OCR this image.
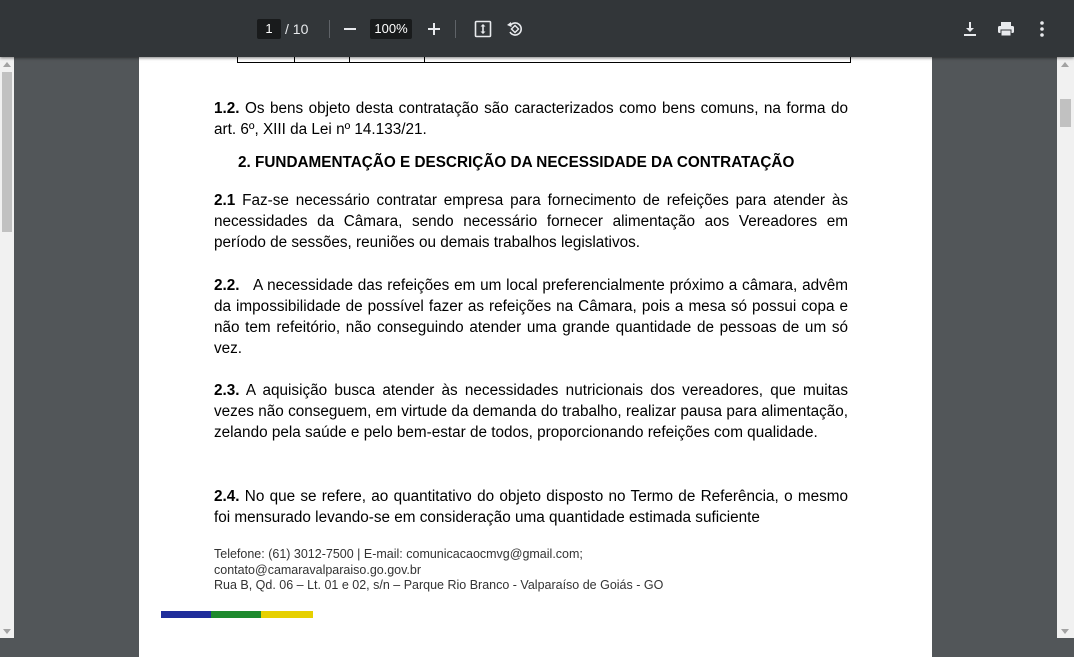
1 / 10	100%
1.2. Os bens objeto desta contratação são caracterizados como bens comuns, na forma do art. 6º, XIII da Lei nº 14.133/21.
2. FUNDAMENTAÇÃO E DESCRIÇÃO DA NECESSIDADE DA CONTRATAÇÃO
2.1 Faz-se necessário contratar empresa para fornecimento de refeições para atender às necessidades da Câmara, sendo necessário fornecer alimentação aos Vereadores em período de sessões, reuniões ou demais trabalhos legislativos.
2.2. A necessidade das refeições em um local preferencialmente próximo a câmara, advêm da impossibilidade de possível fazer as refeições na Câmara, pois a mesa só possui copa e não tem refeitório, não conseguindo atender uma grande quantidade de pessoas de um só vez.
2.3. A aquisição busca atender às necessidades nutricionais dos vereadores, que muitas vezes não conseguem, em virtude da demanda do trabalho, realizar pausa para alimentação, zelando pela saúde e pelo bem-estar de todos, proporcionando refeições com qualidade.
2.4. No que se refere, ao quantitativo do objeto disposto no Termo de Referência, o mesmo foi mensurado levando-se em consideração uma quantidade estimada suficiente
Telefone: (61) 3012-7500 | E-mail: comunicacaocmvg@gmail.com;
contato@camaravalparaiso.go.gov.br
Rua B, Qd. 06 – Lt. 01 e 02, s/n – Parque Rio Branco - Valparaíso de Goiás - GO
